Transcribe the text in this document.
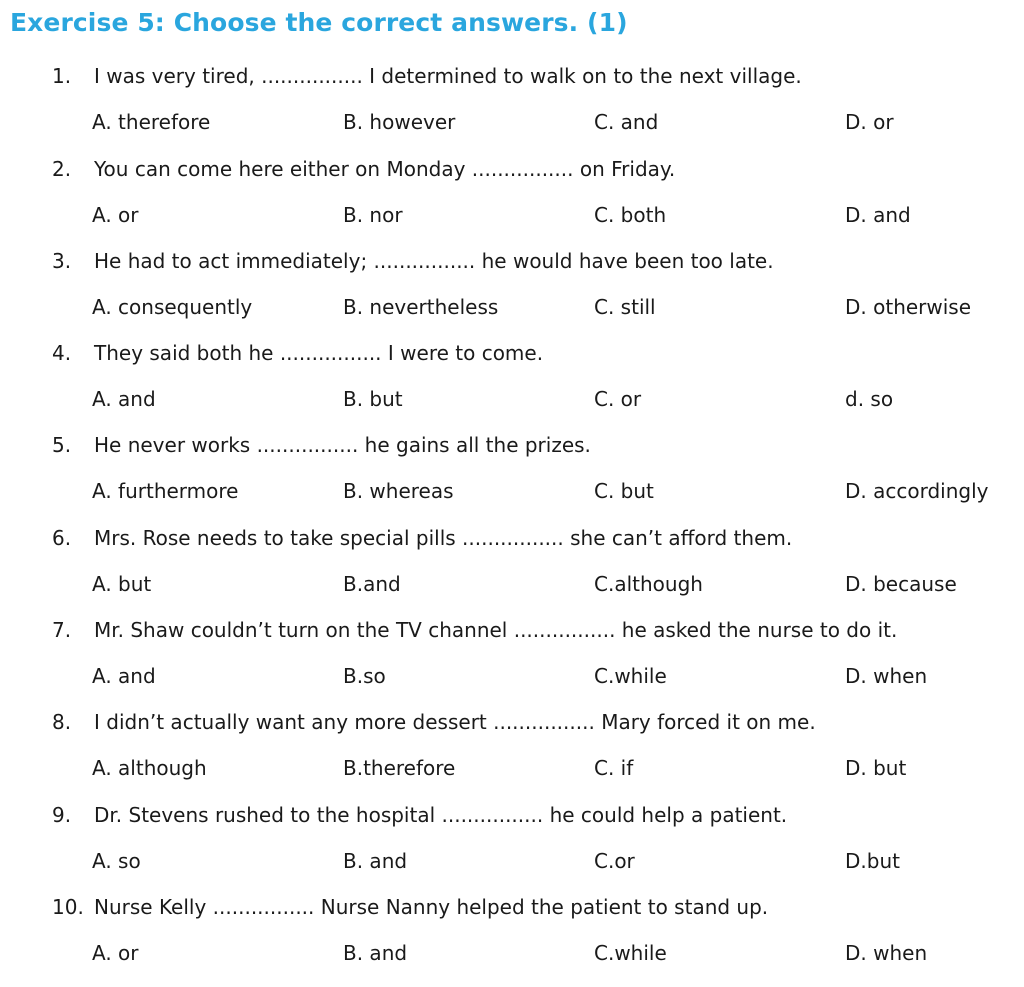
Exercise 5: Choose the correct answers. (1)
1. I was very tired, ................ I determined to walk on to the next village.
A. therefore	B. however	C. and	D. or
2. You can come here either on Monday ................ on Friday.
A. or	B. nor	C. both	D. and
3. He had to act immediately; ................ he would have been too late.
A. consequently	B. nevertheless	C. still	D. otherwise
4. They said both he ................ I were to come.
A. and	B. but	C. or	d. so
5. He never works ................ he gains all the prizes.
A. furthermore	B. whereas	C. but	D. accordingly
6. Mrs. Rose needs to take special pills ................ she can’t afford them.
A. but	B.and	C.although	D. because
7. Mr. Shaw couldn’t turn on the TV channel ................ he asked the nurse to do it.
A. and	B.so	C.while	D. when
8. I didn’t actually want any more dessert ................ Mary forced it on me.
A. although	B.therefore	C. if	D. but
9. Dr. Stevens rushed to the hospital ................ he could help a patient.
A. so	B. and	C.or	D.but
10. Nurse Kelly ................ Nurse Nanny helped the patient to stand up.
A. or	B. and	C.while	D. when
